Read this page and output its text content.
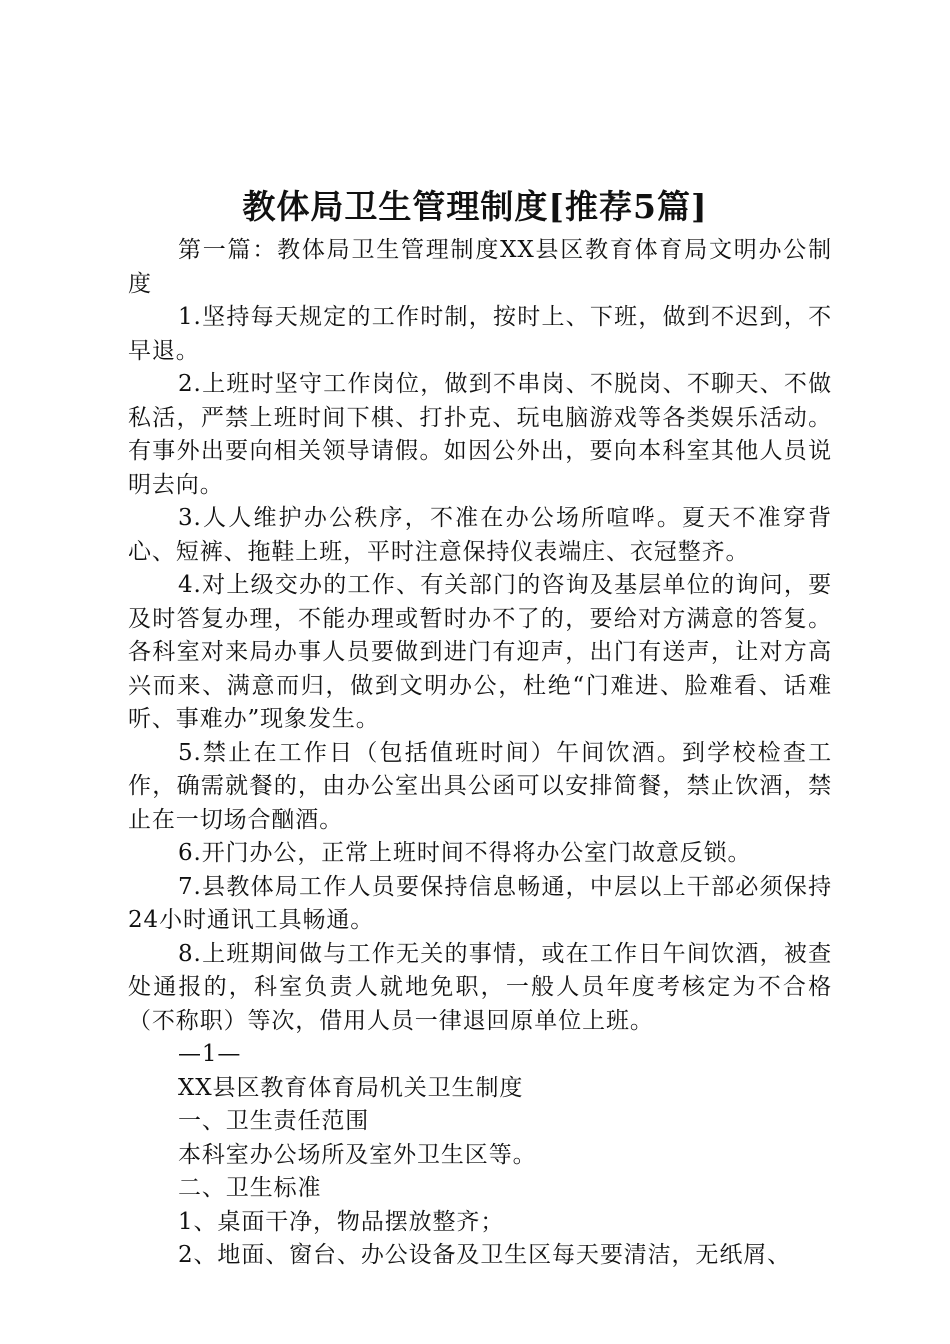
教体局卫生管理制度[推荐5篇]

第一篇：教体局卫生管理制度XX县区教育体育局文明办公制度

1.坚持每天规定的工作时制，按时上、下班，做到不迟到，不早退。

2.上班时坚守工作岗位，做到不串岗、不脱岗、不聊天、不做私活，严禁上班时间下棋、打扑克、玩电脑游戏等各类娱乐活动。有事外出要向相关领导请假。如因公外出，要向本科室其他人员说明去向。

3.人人维护办公秩序，不准在办公场所喧哗。夏天不准穿背心、短裤、拖鞋上班，平时注意保持仪表端庄、衣冠整齐。

4.对上级交办的工作、有关部门的咨询及基层单位的询问，要及时答复办理，不能办理或暂时办不了的，要给对方满意的答复。各科室对来局办事人员要做到进门有迎声，出门有送声，让对方高兴而来、满意而归，做到文明办公，杜绝“门难进、脸难看、话难听、事难办”现象发生。

5.禁止在工作日（包括值班时间）午间饮酒。到学校检查工作，确需就餐的，由办公室出具公函可以安排简餐，禁止饮酒，禁止在一切场合酗酒。

6.开门办公，正常上班时间不得将办公室门故意反锁。

7.县教体局工作人员要保持信息畅通，中层以上干部必须保持24小时通讯工具畅通。

8.上班期间做与工作无关的事情，或在工作日午间饮酒，被查处通报的，科室负责人就地免职，一般人员年度考核定为不合格（不称职）等次，借用人员一律退回原单位上班。

—1—

XX县区教育体育局机关卫生制度

一、卫生责任范围

本科室办公场所及室外卫生区等。

二、卫生标准

1、桌面干净，物品摆放整齐；

2、地面、窗台、办公设备及卫生区每天要清洁，无纸屑、
